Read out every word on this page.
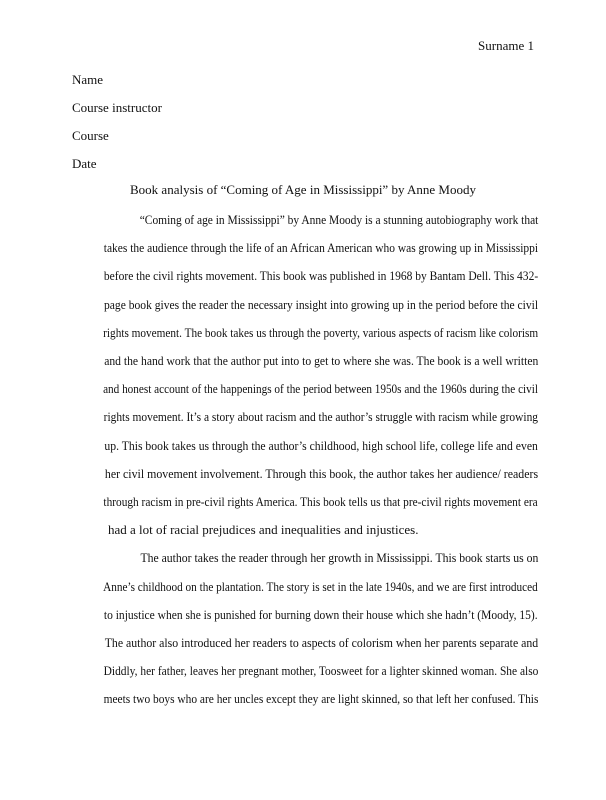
Surname 1
Name
Course instructor
Course
Date
Book analysis of “Coming of Age in Mississippi” by Anne Moody
“Coming of age in Mississippi” by Anne Moody is a stunning autobiography work that
takes the audience through the life of an African American who was growing up in Mississippi
before the civil rights movement. This book was published in 1968 by Bantam Dell. This 432-
page book gives the reader the necessary insight into growing up in the period before the civil
rights movement. The book takes us through the poverty, various aspects of racism like colorism
and the hand work that the author put into to get to where she was. The book is a well written
and honest account of the happenings of the period between 1950s and the 1960s during the civil
rights movement. It’s a story about racism and the author’s struggle with racism while growing
up. This book takes us through the author’s childhood, high school life, college life and even
her civil movement involvement. Through this book, the author takes her audience/ readers
through racism in pre-civil rights America. This book tells us that pre-civil rights movement era
had a lot of racial prejudices and inequalities and injustices.
The author takes the reader through her growth in Mississippi. This book starts us on
Anne’s childhood on the plantation. The story is set in the late 1940s, and we are first introduced
to injustice when she is punished for burning down their house which she hadn’t (Moody, 15).
The author also introduced her readers to aspects of colorism when her parents separate and
Diddly, her father, leaves her pregnant mother, Toosweet for a lighter skinned woman. She also
meets two boys who are her uncles except they are light skinned, so that left her confused. This
